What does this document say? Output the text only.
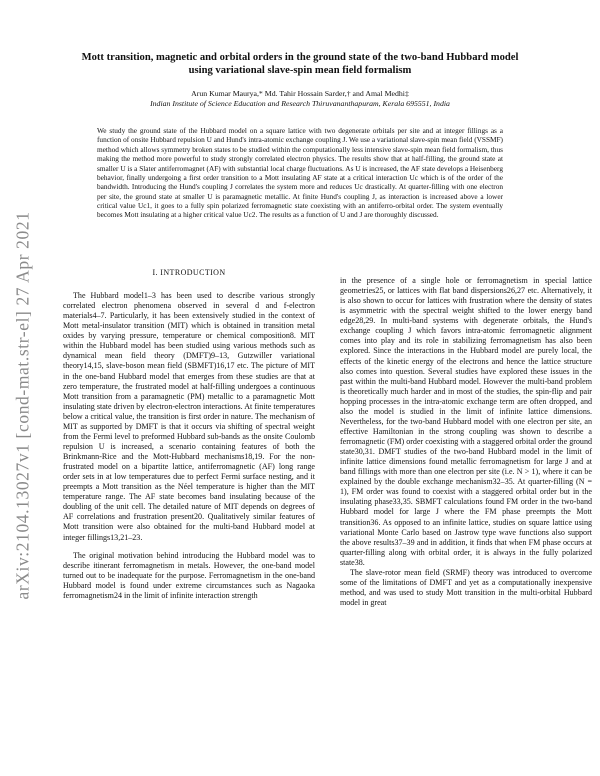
arXiv:2104.13027v1 [cond-mat.str-el] 27 Apr 2021
Mott transition, magnetic and orbital orders in the ground state of the two-band Hubbard model
using variational slave-spin mean field formalism
Arun Kumar Maurya,* Md. Tahir Hossain Sarder,† and Amal Medhi‡
Indian Institute of Science Education and Research Thiruvananthapuram, Kerala 695551, India

We study the ground state of the Hubbard model on a square lattice with two degenerate orbitals per site and at integer fillings as a function of onsite Hubbard repulsion U and Hund's intra-atomic exchange coupling J. We use a variational slave-spin mean field (VSSMF) method which allows symmetry broken states to be studied within the computationally less intensive slave-spin mean field formalism, thus making the method more powerful to study strongly correlated electron physics. The results show that at half-filling, the ground state at smaller U is a Slater antiferromagnet (AF) with substantial local charge fluctuations. As U is increased, the AF state develops a Heisenberg behavior, finally undergoing a first order transition to a Mott insulating AF state at a critical interaction Uc which is of the order of the bandwidth. Introducing the Hund's coupling J correlates the system more and reduces Uc drastically. At quarter-filling with one electron per site, the ground state at smaller U is paramagnetic metallic. At finite Hund's coupling J, as interaction is increased above a lower critical value Uc1, it goes to a fully spin polarized ferromagnetic state coexisting with an antiferro-orbital order. The system eventually becomes Mott insulating at a higher critical value Uc2. The results as a function of U and J are thoroughly discussed.

I. INTRODUCTION

The Hubbard model1–3 has been used to describe various strongly correlated electron phenomena observed in several d and f-electron materials4–7. Particularly, it has been extensively studied in the context of Mott metal-insulator transition (MIT) which is obtained in transition metal oxides by varying pressure, temperature or chemical composition8. MIT within the Hubbard model has been studied using various methods such as dynamical mean field theory (DMFT)9–13, Gutzwiller variational theory14,15, slave-boson mean field (SBMFT)16,17 etc. The picture of MIT in the one-band Hubbard model that emerges from these studies are that at zero temperature, the frustrated model at half-filling undergoes a continuous Mott transition from a paramagnetic (PM) metallic to a paramagnetic Mott insulating state driven by electron-electron interactions. At finite temperatures below a critical value, the transition is first order in nature. The mechanism of MIT as supported by DMFT is that it occurs via shifting of spectral weight from the Fermi level to preformed Hubbard sub-bands as the onsite Coulomb repulsion U is increased, a scenario containing features of both the Brinkmann-Rice and the Mott-Hubbard mechanisms18,19. For the non-frustrated model on a bipartite lattice, antiferromagnetic (AF) long range order sets in at low temperatures due to perfect Fermi surface nesting, and it preempts a Mott transition as the Néel temperature is higher than the MIT temperature range. The AF state becomes band insulating because of the doubling of the unit cell. The detailed nature of MIT depends on degrees of AF correlations and frustration present20. Qualitatively similar features of Mott transition were also obtained for the multi-band Hubbard model at integer fillings13,21–23.

The original motivation behind introducing the Hubbard model was to describe itinerant ferromagnetism in metals. However, the one-band model turned out to be inadequate for the purpose. Ferromagnetism in the one-band Hubbard model is found under extreme circumstances such as Nagaoka ferromagnetism24 in the limit of infinite interaction strength

in the presence of a single hole or ferromagnetism in special lattice geometries25, or lattices with flat band dispersions26,27 etc. Alternatively, it is also shown to occur for lattices with frustration where the density of states is asymmetric with the spectral weight shifted to the lower energy band edge28,29. In multi-band systems with degenerate orbitals, the Hund's exchange coupling J which favors intra-atomic ferromagnetic alignment comes into play and its role in stabilizing ferromagnetism has also been explored. Since the interactions in the Hubbard model are purely local, the effects of the kinetic energy of the electrons and hence the lattice structure also comes into question. Several studies have explored these issues in the past within the multi-band Hubbard model. However the multi-band problem is theoretically much harder and in most of the studies, the spin-flip and pair hopping processes in the intra-atomic exchange term are often dropped, and also the model is studied in the limit of infinite lattice dimensions. Nevertheless, for the two-band Hubbard model with one electron per site, an effective Hamiltonian in the strong coupling was shown to describe a ferromagnetic (FM) order coexisting with a staggered orbital order the ground state30,31. DMFT studies of the two-band Hubbard model in the limit of infinite lattice dimensions found metallic ferromagnetism for large J and at band fillings with more than one electron per site (i.e. N > 1), where it can be explained by the double exchange mechanism32–35. At quarter-filling (N = 1), FM order was found to coexist with a staggered orbital order but in the insulating phase33,35. SBMFT calculations found FM order in the two-band Hubbard model for large J where the FM phase preempts the Mott transition36. As opposed to an infinite lattice, studies on square lattice using variational Monte Carlo based on Jastrow type wave functions also support the above results37–39 and in addition, it finds that when FM phase occurs at quarter-filling along with orbital order, it is always in the fully polarized state38.

The slave-rotor mean field (SRMF) theory was introduced to overcome some of the limitations of DMFT and yet as a computationally inexpensive method, and was used to study Mott transition in the multi-orbital Hubbard model in great
